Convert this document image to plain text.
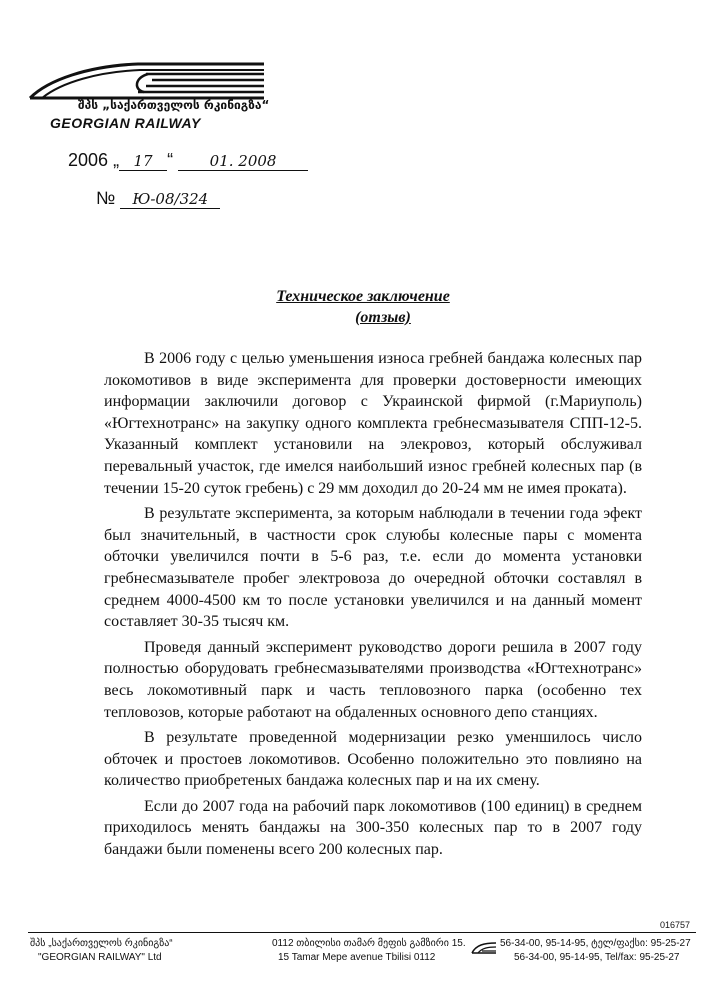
შპს „საქართველოს რკინიგზა“
GEORGIAN RAILWAY
2006 „ 17 “ 01. 2008
№ Ю-08/324
Техническое заключение
(отзыв)

В 2006 году с целью уменьшения износа гребней бандажа колесных пар локомотивов в виде эксперимента для проверки достоверности имеющих информации заключили договор с Украинской фирмой (г.Мариуполь) «Югтехнотранс» на закупку одного комплекта гребнесмазывателя СПП-12-5. Указанный комплект установили на элекровоз, который обслуживал перевальный участок, где имелся наибольший износ гребней колесных пар (в течении 15-20 суток гребень) с 29 мм доходил до 20-24 мм не имея проката).

В результате эксперимента, за которым наблюдали в течении года эфект был значительный, в частности срок слуюбы колесные пары с момента обточки увеличился почти в 5-6 раз, т.е. если до момента установки гребнесмазывателе пробег электровоза до очередной обточки составлял в среднем 4000-4500 км то после установки увеличился и на данный момент составляет 30-35 тысяч км.

Проведя данный эксперимент руководство дороги решила в 2007 году полностью оборудовать гребнесмазывателями производства «Югтехнотранс» весь локомотивный парк и часть тепловозного парка (особенно тех тепловозов, которые работают на обдаленных основного депо станциях.

В результате проведенной модернизации резко уменшилось число обточек и простоев локомотивов. Особенно положительно это повлияно на количество приобретеных бандажа колесных пар и на их смену.

Если до 2007 года на рабочий парк локомотивов (100 единиц) в среднем приходилось менять бандажы на 300-350 колесных пар то в 2007 году бандажи были поменены всего 200 колесных пар.

016757
შპს „საქართველოს რკინიგზა“
"GEORGIAN RAILWAY" Ltd
0112 თბილისი თამარ მეფის გამზირი 15.
15 Tamar Mepe avenue Tbilisi 0112
56-34-00, 95-14-95, ტელ/ფაქსი: 95-25-27
56-34-00, 95-14-95, Tel/fax: 95-25-27
